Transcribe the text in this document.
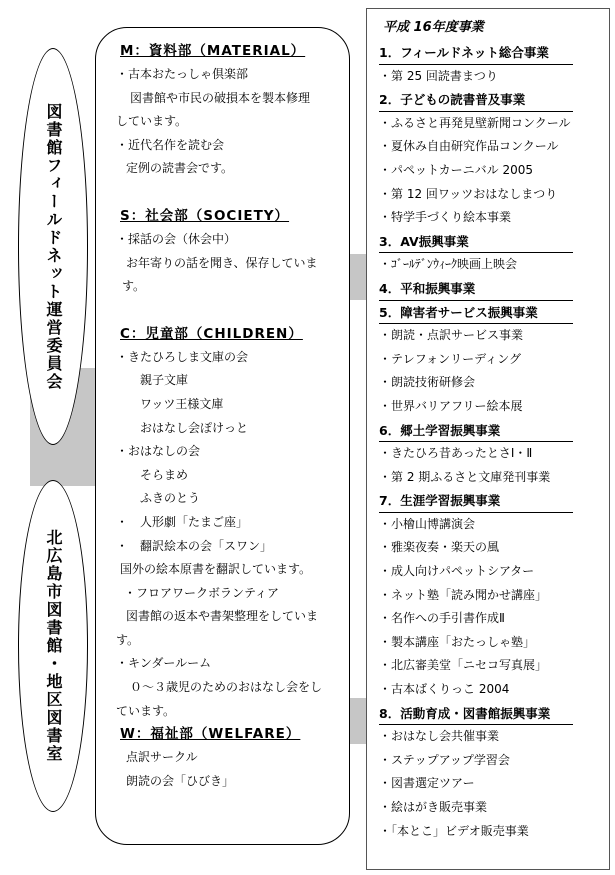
図書館フィールドネット運営委員会
北広島市図書館・地区図書室
M：資料部（MATERIAL）
・古本おたっしゃ倶楽部
図書館や市民の破損本を製本修理
しています。
・近代名作を読む会
定例の読書会です。
S：社会部（SOCIETY）
・採話の会（休会中）
お年寄りの話を聞き、保存していま
す。
C：児童部（CHILDREN）
・きたひろしま文庫の会
親子文庫
ワッツ王様文庫
おはなし会ぽけっと
・おはなしの会
そらまめ
ふきのとう
・　人形劇「たまご座」
・　翻訳絵本の会「スワン」
国外の絵本原書を翻訳しています。
・フロアワークボランティア
図書館の返本や書架整理をしていま
す。
・キンダールーム
０～３歳児のためのおはなし会をし
ています。
W：福祉部（WELFARE）
点訳サークル
朗読の会「ひびき」
平成 16年度事業
1．フィールドネット総合事業
・第 25 回読書まつり
2．子どもの読書普及事業
・ふるさと再発見壁新聞コンクール
・夏休み自由研究作品コンクール
・パペットカーニバル 2005
・第 12 回ワッツおはなしまつり
・特学手づくり絵本事業
3．AV振興事業
・ｺﾞｰﾙﾃﾞﾝｳｨｰｸ映画上映会
4．平和振興事業
5．障害者サービス振興事業
・朗読・点訳サービス事業
・テレフォンリーディング
・朗読技術研修会
・世界バリアフリー絵本展
6．郷土学習振興事業
・きたひろ昔あったとさⅠ・Ⅱ
・第 2 期ふるさと文庫発刊事業
7．生涯学習振興事業
・小檜山博講演会
・雅楽夜奏・楽天の風
・成人向けパペットシアター
・ネット塾「読み聞かせ講座」
・名作への手引書作成Ⅱ
・製本講座「おたっしゃ塾」
・北広審美堂「ニセコ写真展」
・古本ばくりっこ 2004
8．活動育成・図書館振興事業
・おはなし会共催事業
・ステップアップ学習会
・図書選定ツアー
・絵はがき販売事業
・「本とこ」ビデオ販売事業
